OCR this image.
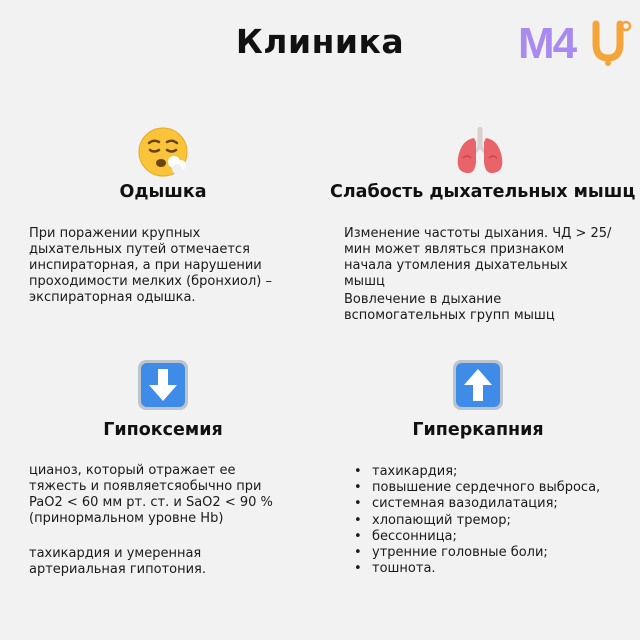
Клиника	M4
Одышка

При поражении крупных дыхательных путей отмечается инспираторная, а при нарушении проходимости мелких (бронхиол) – экспираторная одышка.

Слабость дыхательных мышц

Изменение частоты дыхания. ЧД > 25/мин может являться признаком начала утомления дыхательных мышц

Вовлечение в дыхание вспомогательных групп мышц

Гипоксемия

цианоз, который отражает ее тяжесть и появляетсяобычно при PaO2 < 60 мм рт. ст. и SaO2 < 90 % (принормальном уровне Hb)

тахикардия и умеренная артериальная гипотония.

Гиперкапния
• тахикардия;
• повышение сердечного выброса,
• системная вазодилатация;
• хлопающий тремор;
• бессонница;
• утренние головные боли;
• тошнота.
